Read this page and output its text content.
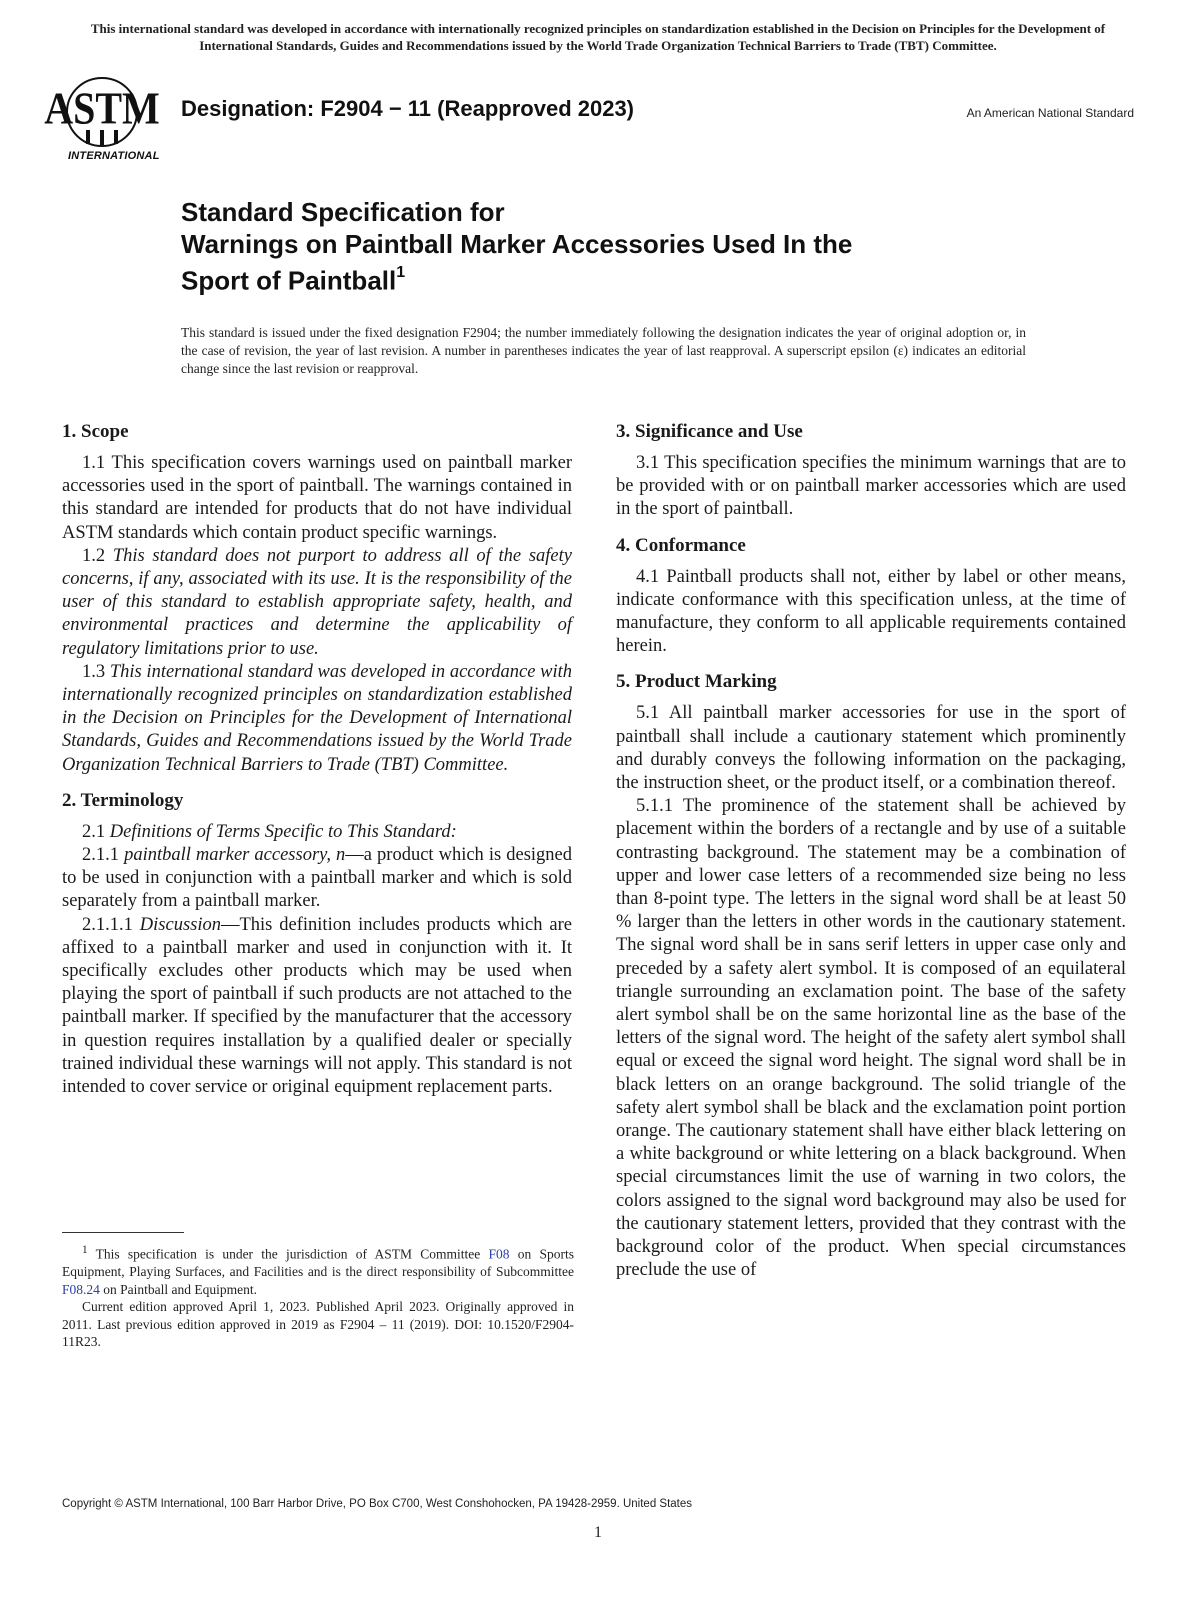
This international standard was developed in accordance with internationally recognized principles on standardization established in the Decision on Principles for the Development of International Standards, Guides and Recommendations issued by the World Trade Organization Technical Barriers to Trade (TBT) Committee.
ASTM
INTERNATIONAL
Designation: F2904 − 11 (Reapproved 2023)	An American National Standard
Standard Specification for
Warnings on Paintball Marker Accessories Used In the
Sport of Paintball$^1$
This standard is issued under the fixed designation F2904; the number immediately following the designation indicates the year of original adoption or, in the case of revision, the year of last revision. A number in parentheses indicates the year of last reapproval. A superscript epsilon (ε) indicates an editorial change since the last revision or reapproval.
1. Scope

1.1 This specification covers warnings used on paintball marker accessories used in the sport of paintball. The warnings contained in this standard are intended for products that do not have individual ASTM standards which contain product specific warnings.

1.2 This standard does not purport to address all of the safety concerns, if any, associated with its use. It is the responsibility of the user of this standard to establish appropriate safety, health, and environmental practices and determine the applicability of regulatory limitations prior to use.

1.3 This international standard was developed in accordance with internationally recognized principles on standardization established in the Decision on Principles for the Development of International Standards, Guides and Recommendations issued by the World Trade Organization Technical Barriers to Trade (TBT) Committee.

2. Terminology

2.1 Definitions of Terms Specific to This Standard:

2.1.1 paintball marker accessory, n—a product which is designed to be used in conjunction with a paintball marker and which is sold separately from a paintball marker.

2.1.1.1 Discussion—This definition includes products which are affixed to a paintball marker and used in conjunction with it. It specifically excludes other products which may be used when playing the sport of paintball if such products are not attached to the paintball marker. If specified by the manufacturer that the accessory in question requires installation by a qualified dealer or specially trained individual these warnings will not apply. This standard is not intended to cover service or original equipment replacement parts.

3. Significance and Use

3.1 This specification specifies the minimum warnings that are to be provided with or on paintball marker accessories which are used in the sport of paintball.

4. Conformance

4.1 Paintball products shall not, either by label or other means, indicate conformance with this specification unless, at the time of manufacture, they conform to all applicable requirements contained herein.

5. Product Marking

5.1 All paintball marker accessories for use in the sport of paintball shall include a cautionary statement which prominently and durably conveys the following information on the packaging, the instruction sheet, or the product itself, or a combination thereof.

5.1.1 The prominence of the statement shall be achieved by placement within the borders of a rectangle and by use of a suitable contrasting background. The statement may be a combination of upper and lower case letters of a recommended size being no less than 8-point type. The letters in the signal word shall be at least 50 % larger than the letters in other words in the cautionary statement. The signal word shall be in sans serif letters in upper case only and preceded by a safety alert symbol. It is composed of an equilateral triangle surrounding an exclamation point. The base of the safety alert symbol shall be on the same horizontal line as the base of the letters of the signal word. The height of the safety alert symbol shall equal or exceed the signal word height. The signal word shall be in black letters on an orange background. The solid triangle of the safety alert symbol shall be black and the exclamation point portion orange. The cautionary statement shall have either black lettering on a white background or white lettering on a black background. When special circumstances limit the use of warning in two colors, the colors assigned to the signal word background may also be used for the cautionary statement letters, provided that they contrast with the background color of the product. When special circumstances preclude the use of

$^1$ This specification is under the jurisdiction of ASTM Committee F08 on Sports Equipment, Playing Surfaces, and Facilities and is the direct responsibility of Subcommittee F08.24 on Paintball and Equipment.

Current edition approved April 1, 2023. Published April 2023. Originally approved in 2011. Last previous edition approved in 2019 as F2904 – 11 (2019). DOI: 10.1520/F2904-11R23.

Copyright © ASTM International, 100 Barr Harbor Drive, PO Box C700, West Conshohocken, PA 19428-2959. United States
1
